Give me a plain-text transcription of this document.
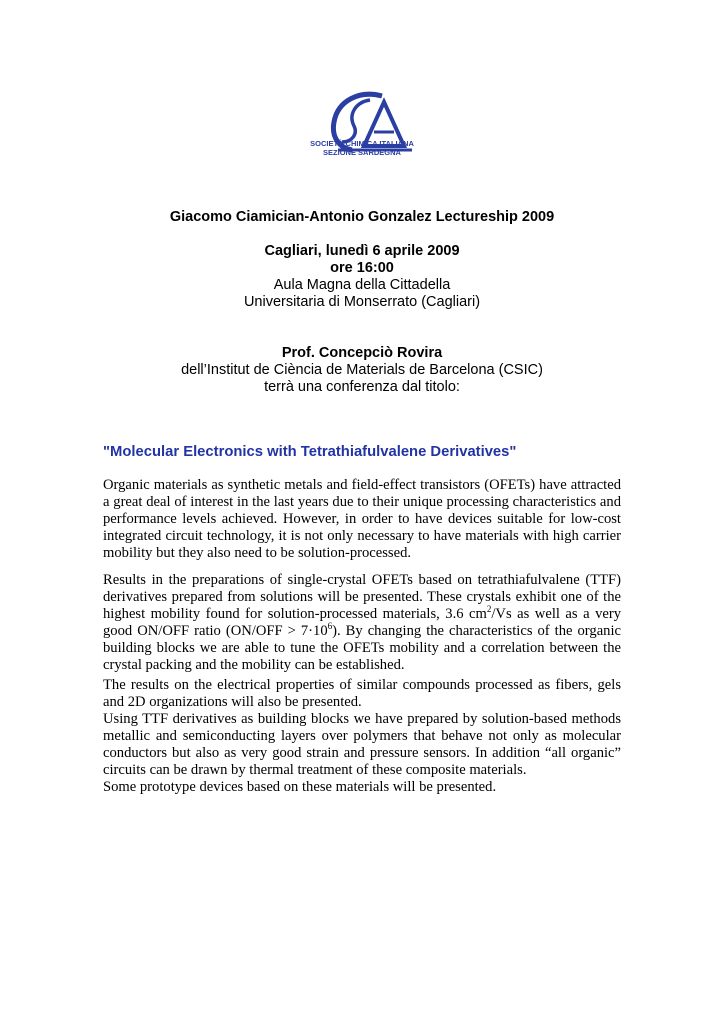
SOCIETÀ CHIMICA ITALIANA
SEZIONE SARDEGNA
Giacomo Ciamician-Antonio Gonzalez Lectureship 2009
Cagliari, lunedì 6 aprile 2009
ore 16:00
Aula Magna della Cittadella
Universitaria di Monserrato (Cagliari)
Prof. Concepciò Rovira
dell’Institut de Ciència de Materials de Barcelona (CSIC)
terrà una conferenza dal titolo:
"Molecular Electronics with Tetrathiafulvalene Derivatives"

Organic materials as synthetic metals and field-effect transistors (OFETs) have attracted a great deal of interest in the last years due to their unique processing characteristics and performance levels achieved. However, in order to have devices suitable for low-cost integrated circuit technology, it is not only necessary to have materials with high carrier mobility but they also need to be solution-processed.

Results in the preparations of single-crystal OFETs based on tetrathiafulvalene (TTF) derivatives prepared from solutions will be presented. These crystals exhibit one of the highest mobility found for solution-processed materials, 3.6 $cm^2/Vs$ as well as a very good ON/OFF ratio $(ON/OFF > 7\cdot 10^6)$. By changing the characteristics of the organic building blocks we are able to tune the OFETs mobility and a correlation between the crystal packing and the mobility can be established.

The results on the electrical properties of similar compounds processed as fibers, gels and 2D organizations will also be presented.

Using TTF derivatives as building blocks we have prepared by solution-based methods metallic and semiconducting layers over polymers that behave not only as molecular conductors but also as very good strain and pressure sensors. In addition “all organic” circuits can be drawn by thermal treatment of these composite materials.

Some prototype devices based on these materials will be presented.
